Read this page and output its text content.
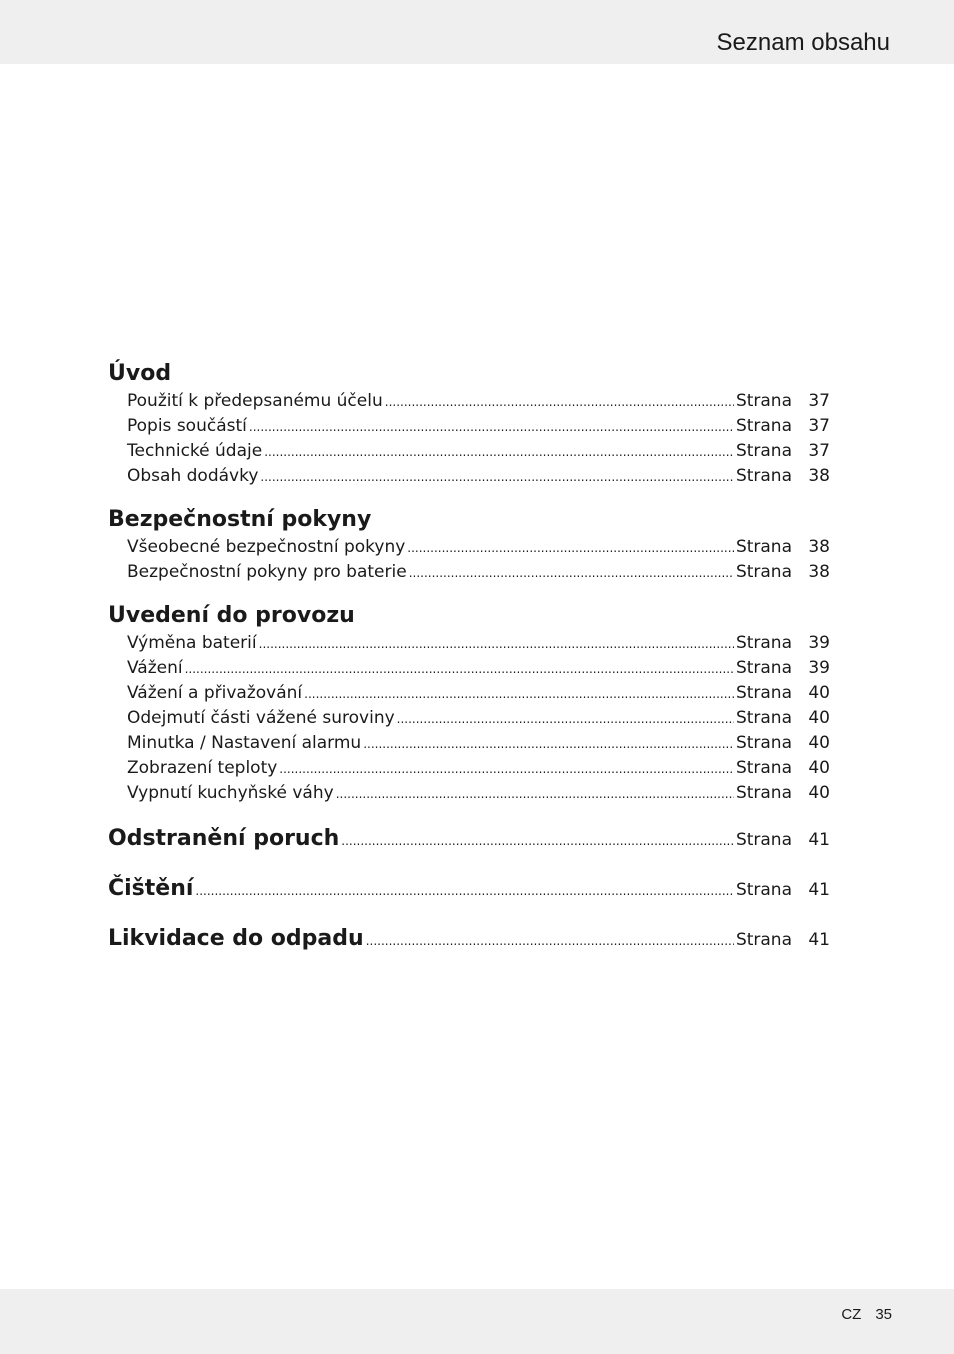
Seznam obsahu
Úvod
Použití k předepsanému účelu .....	Strana 37
Popis součástí .....	Strana 37
Technické údaje .....	Strana 37
Obsah dodávky .....	Strana 38
Bezpečnostní pokyny
Všeobecné bezpečnostní pokyny .....	Strana 38
Bezpečnostní pokyny pro baterie .....	Strana 38
Uvedení do provozu
Výměna baterií .....	Strana 39
Vážení .....	Strana 39
Vážení a přivažování .....	Strana 40
Odejmutí části vážené suroviny .....	Strana 40
Minutka / Nastavení alarmu .....	Strana 40
Zobrazení teploty .....	Strana 40
Vypnutí kuchyňské váhy .....	Strana 40
Odstranění poruch .....	Strana 41
Čištění .....	Strana 41
Likvidace do odpadu .....	Strana 41
CZ 35
